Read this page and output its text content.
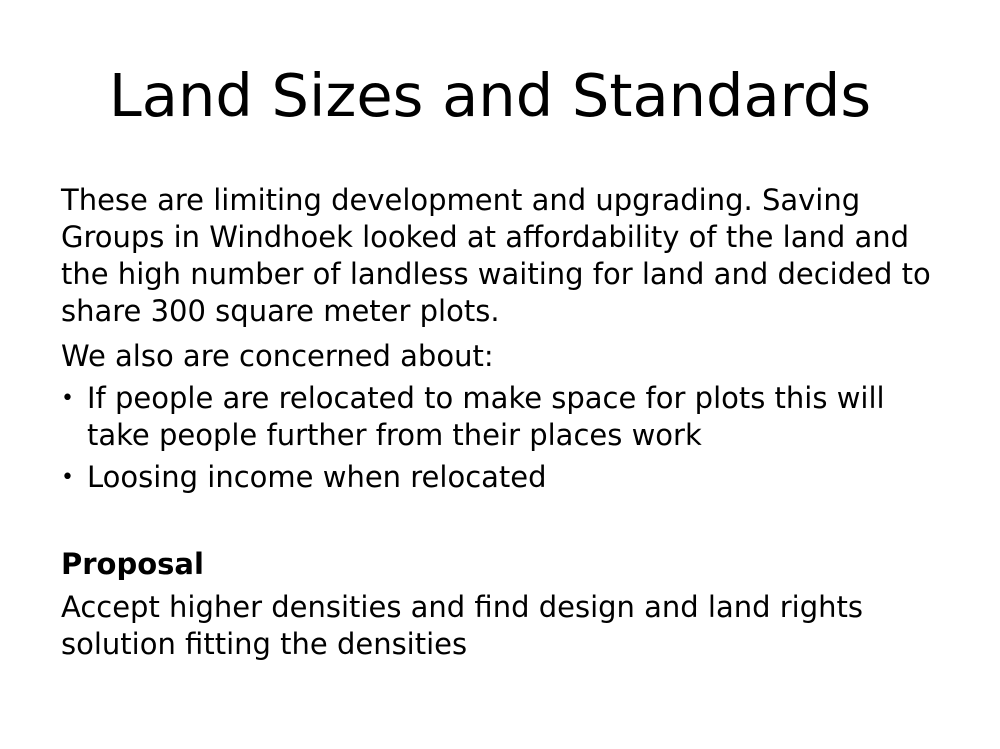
Land Sizes and Standards

These are limiting development and upgrading. Saving Groups in Windhoek looked at affordability of the land and the high number of landless waiting for land and decided to share 300 square meter plots.

We also are concerned about:

• If people are relocated to make space for plots this will take people further from their places work
• Loosing income when relocated

Proposal

Accept higher densities and find design and land rights solution fitting the densities
